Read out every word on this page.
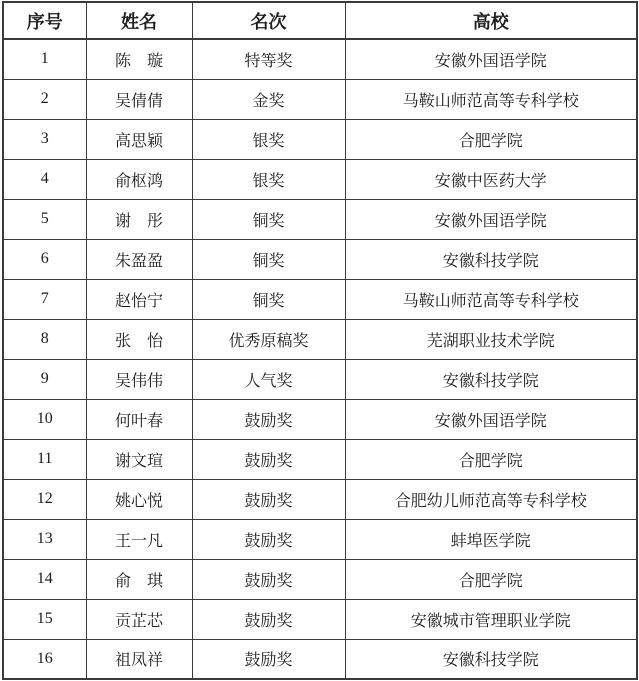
序号	姓名	名次	高校
1	陈　璇	特等奖	安徽外国语学院
2	吴倩倩	金奖	马鞍山师范高等专科学校
3	高思颖	银奖	合肥学院
4	俞枢鸿	银奖	安徽中医药大学
5	谢　彤	铜奖	安徽外国语学院
6	朱盈盈	铜奖	安徽科技学院
7	赵怡宁	铜奖	马鞍山师范高等专科学校
8	张　怡	优秀原稿奖	芜湖职业技术学院
9	吴伟伟	人气奖	安徽科技学院
10	何叶春	鼓励奖	安徽外国语学院
11	谢文瑄	鼓励奖	合肥学院
12	姚心悦	鼓励奖	合肥幼儿师范高等专科学校
13	王一凡	鼓励奖	蚌埠医学院
14	俞　琪	鼓励奖	合肥学院
15	贡芷芯	鼓励奖	安徽城市管理职业学院
16	祖凤祥	鼓励奖	安徽科技学院
